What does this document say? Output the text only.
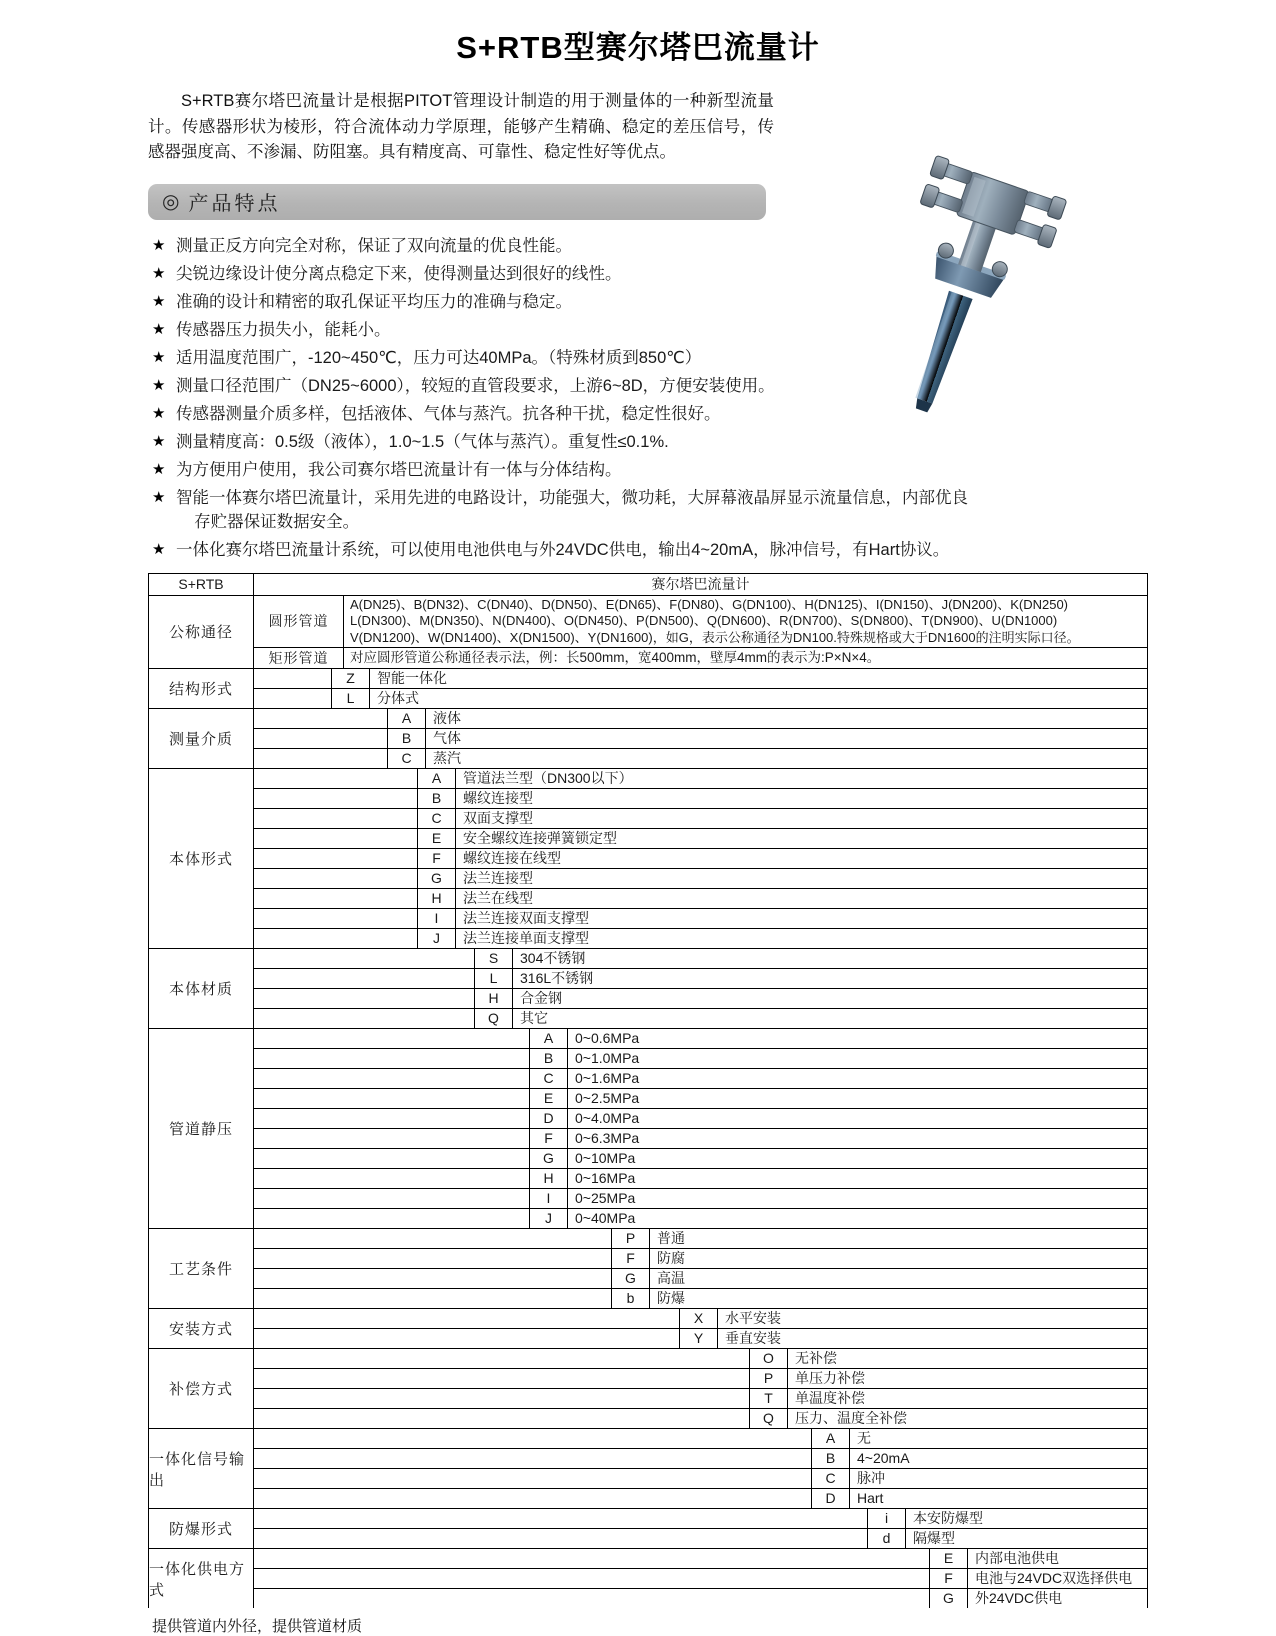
S+RTB型赛尔塔巴流量计
S+RTB赛尔塔巴流量计是根据PITOT管理设计制造的用于测量体的一种新型流量计。传感器形状为棱形，符合流体动力学原理，能够产生精确、稳定的差压信号，传感器强度高、不渗漏、防阻塞。具有精度高、可靠性、稳定性好等优点。
◎ 产品特点
★ 测量正反方向完全对称，保证了双向流量的优良性能。
★ 尖锐边缘设计使分离点稳定下来，使得测量达到很好的线性。
★ 准确的设计和精密的取孔保证平均压力的准确与稳定。
★ 传感器压力损失小，能耗小。
★ 适用温度范围广，-120~450℃，压力可达40MPa。（特殊材质到850℃）
★ 测量口径范围广（DN25~6000），较短的直管段要求，上游6~8D，方便安装使用。
★ 传感器测量介质多样，包括液体、气体与蒸汽。抗各种干扰，稳定性很好。
★ 测量精度高：0.5级（液体），1.0~1.5（气体与蒸汽）。重复性≤0.1%.
★ 为方便用户使用，我公司赛尔塔巴流量计有一体与分体结构。
★ 智能一体赛尔塔巴流量计，采用先进的电路设计，功能强大，微功耗，大屏幕液晶屏显示流量信息，内部优良
存贮器保证数据安全。
★ 一体化赛尔塔巴流量计系统，可以使用电池供电与外24VDC供电，输出4~20mA，脉冲信号，有Hart协议。
S+RTB	赛尔塔巴流量计
公称通径
圆形管道
A(DN25)、B(DN32)、C(DN40)、D(DN50)、E(DN65)、F(DN80)、G(DN100)、H(DN125)、I(DN150)、J(DN200)、K(DN250)
L(DN300)、M(DN350)、N(DN400)、O(DN450)、P(DN500)、Q(DN600)、R(DN700)、S(DN800)、T(DN900)、U(DN1000)
V(DN1200)、W(DN1400)、X(DN1500)、Y(DN1600)，如G，表示公称通径为DN100.特殊规格或大于DN1600的注明实际口径。
矩形管道	对应圆形管道公称通径表示法，例：长500mm，宽400mm，壁厚4mm的表示为:P×N×4。
结构形式
Z	智能一体化
L	分体式
测量介质
A	液体
B	气体
C	蒸汽
本体形式
A	管道法兰型（DN300以下）
B	螺纹连接型
C	双面支撑型
E	安全螺纹连接弹簧锁定型
F	螺纹连接在线型
G	法兰连接型
H	法兰在线型
I	法兰连接双面支撑型
J	法兰连接单面支撑型
本体材质
S	304不锈钢
L	316L不锈钢
H	合金钢
Q	其它
管道静压
A	0~0.6MPa
B	0~1.0MPa
C	0~1.6MPa
E	0~2.5MPa
D	0~4.0MPa
F	0~6.3MPa
G	0~10MPa
H	0~16MPa
I	0~25MPa
J	0~40MPa
工艺条件
P	普通
F	防腐
G	高温
b	防爆
安装方式
X	水平安装
Y	垂直安装
补偿方式
O	无补偿
P	单压力补偿
T	单温度补偿
Q	压力、温度全补偿
一体化信号输出
A	无
B	4~20mA
C	脉冲
D	Hart
防爆形式
i	本安防爆型
d	隔爆型
一体化供电方式
E	内部电池供电
F	电池与24VDC双选择供电
G	外24VDC供电
提供管道内外径，提供管道材质
